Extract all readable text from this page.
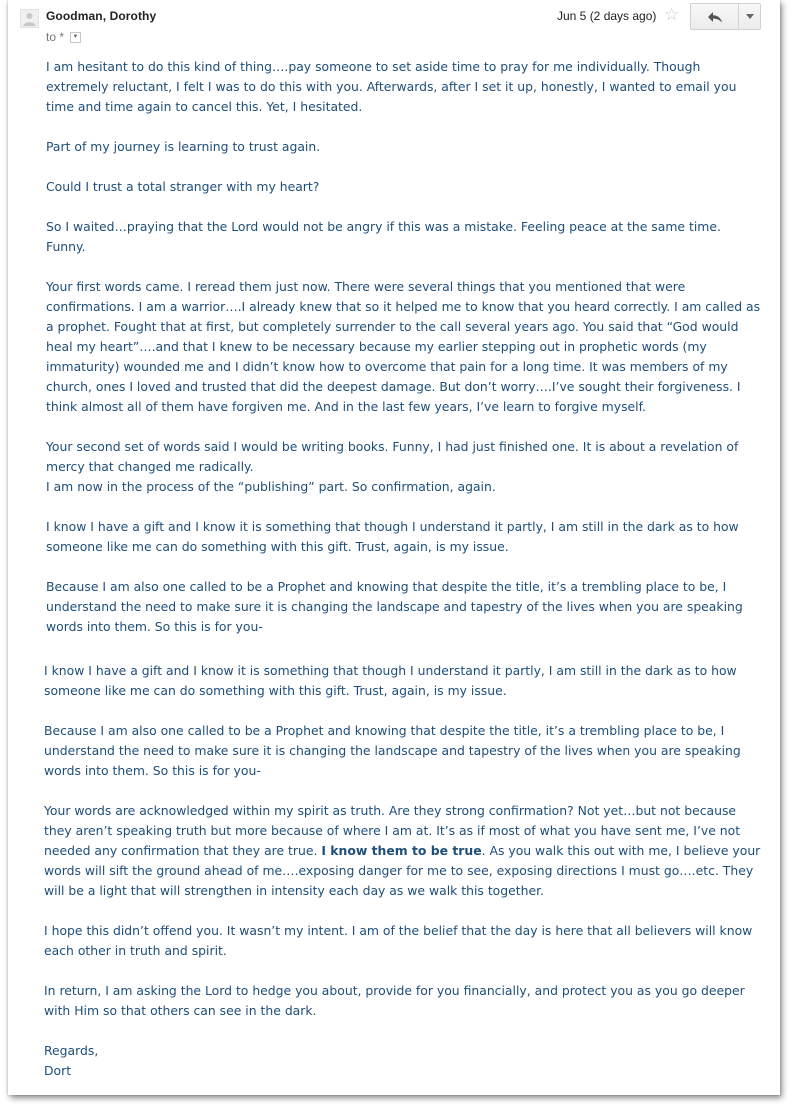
Goodman, Dorothy
to * ▼
Jun 5 (2 days ago) ☆

I am hesitant to do this kind of thing….pay someone to set aside time to pray for me individually. Though extremely reluctant, I felt I was to do this with you. Afterwards, after I set it up, honestly, I wanted to email you time and time again to cancel this. Yet, I hesitated.

Part of my journey is learning to trust again.

Could I trust a total stranger with my heart?

So I waited…praying that the Lord would not be angry if this was a mistake. Feeling peace at the same time. Funny.

Your first words came. I reread them just now. There were several things that you mentioned that were confirmations. I am a warrior….I already knew that so it helped me to know that you heard correctly. I am called as a prophet. Fought that at first, but completely surrender to the call several years ago. You said that “God would heal my heart”….and that I knew to be necessary because my earlier stepping out in prophetic words (my immaturity) wounded me and I didn’t know how to overcome that pain for a long time. It was members of my church, ones I loved and trusted that did the deepest damage. But don’t worry….I’ve sought their forgiveness. I think almost all of them have forgiven me. And in the last few years, I’ve learn to forgive myself.

Your second set of words said I would be writing books. Funny, I had just finished one. It is about a revelation of mercy that changed me radically.

I am now in the process of the “publishing” part. So confirmation, again.

I know I have a gift and I know it is something that though I understand it partly, I am still in the dark as to how someone like me can do something with this gift. Trust, again, is my issue.

Because I am also one called to be a Prophet and knowing that despite the title, it’s a trembling place to be, I understand the need to make sure it is changing the landscape and tapestry of the lives when you are speaking words into them. So this is for you-

I know I have a gift and I know it is something that though I understand it partly, I am still in the dark as to how someone like me can do something with this gift. Trust, again, is my issue.

Because I am also one called to be a Prophet and knowing that despite the title, it’s a trembling place to be, I understand the need to make sure it is changing the landscape and tapestry of the lives when you are speaking words into them. So this is for you-

Your words are acknowledged within my spirit as truth. Are they strong confirmation? Not yet…but not because they aren’t speaking truth but more because of where I am at. It’s as if most of what you have sent me, I’ve not needed any confirmation that they are true. I know them to be true. As you walk this out with me, I believe your words will sift the ground ahead of me….exposing danger for me to see, exposing directions I must go….etc. They will be a light that will strengthen in intensity each day as we walk this together.

I hope this didn’t offend you. It wasn’t my intent. I am of the belief that the day is here that all believers will know each other in truth and spirit.

In return, I am asking the Lord to hedge you about, provide for you financially, and protect you as you go deeper with Him so that others can see in the dark.

Regards,

Dort
